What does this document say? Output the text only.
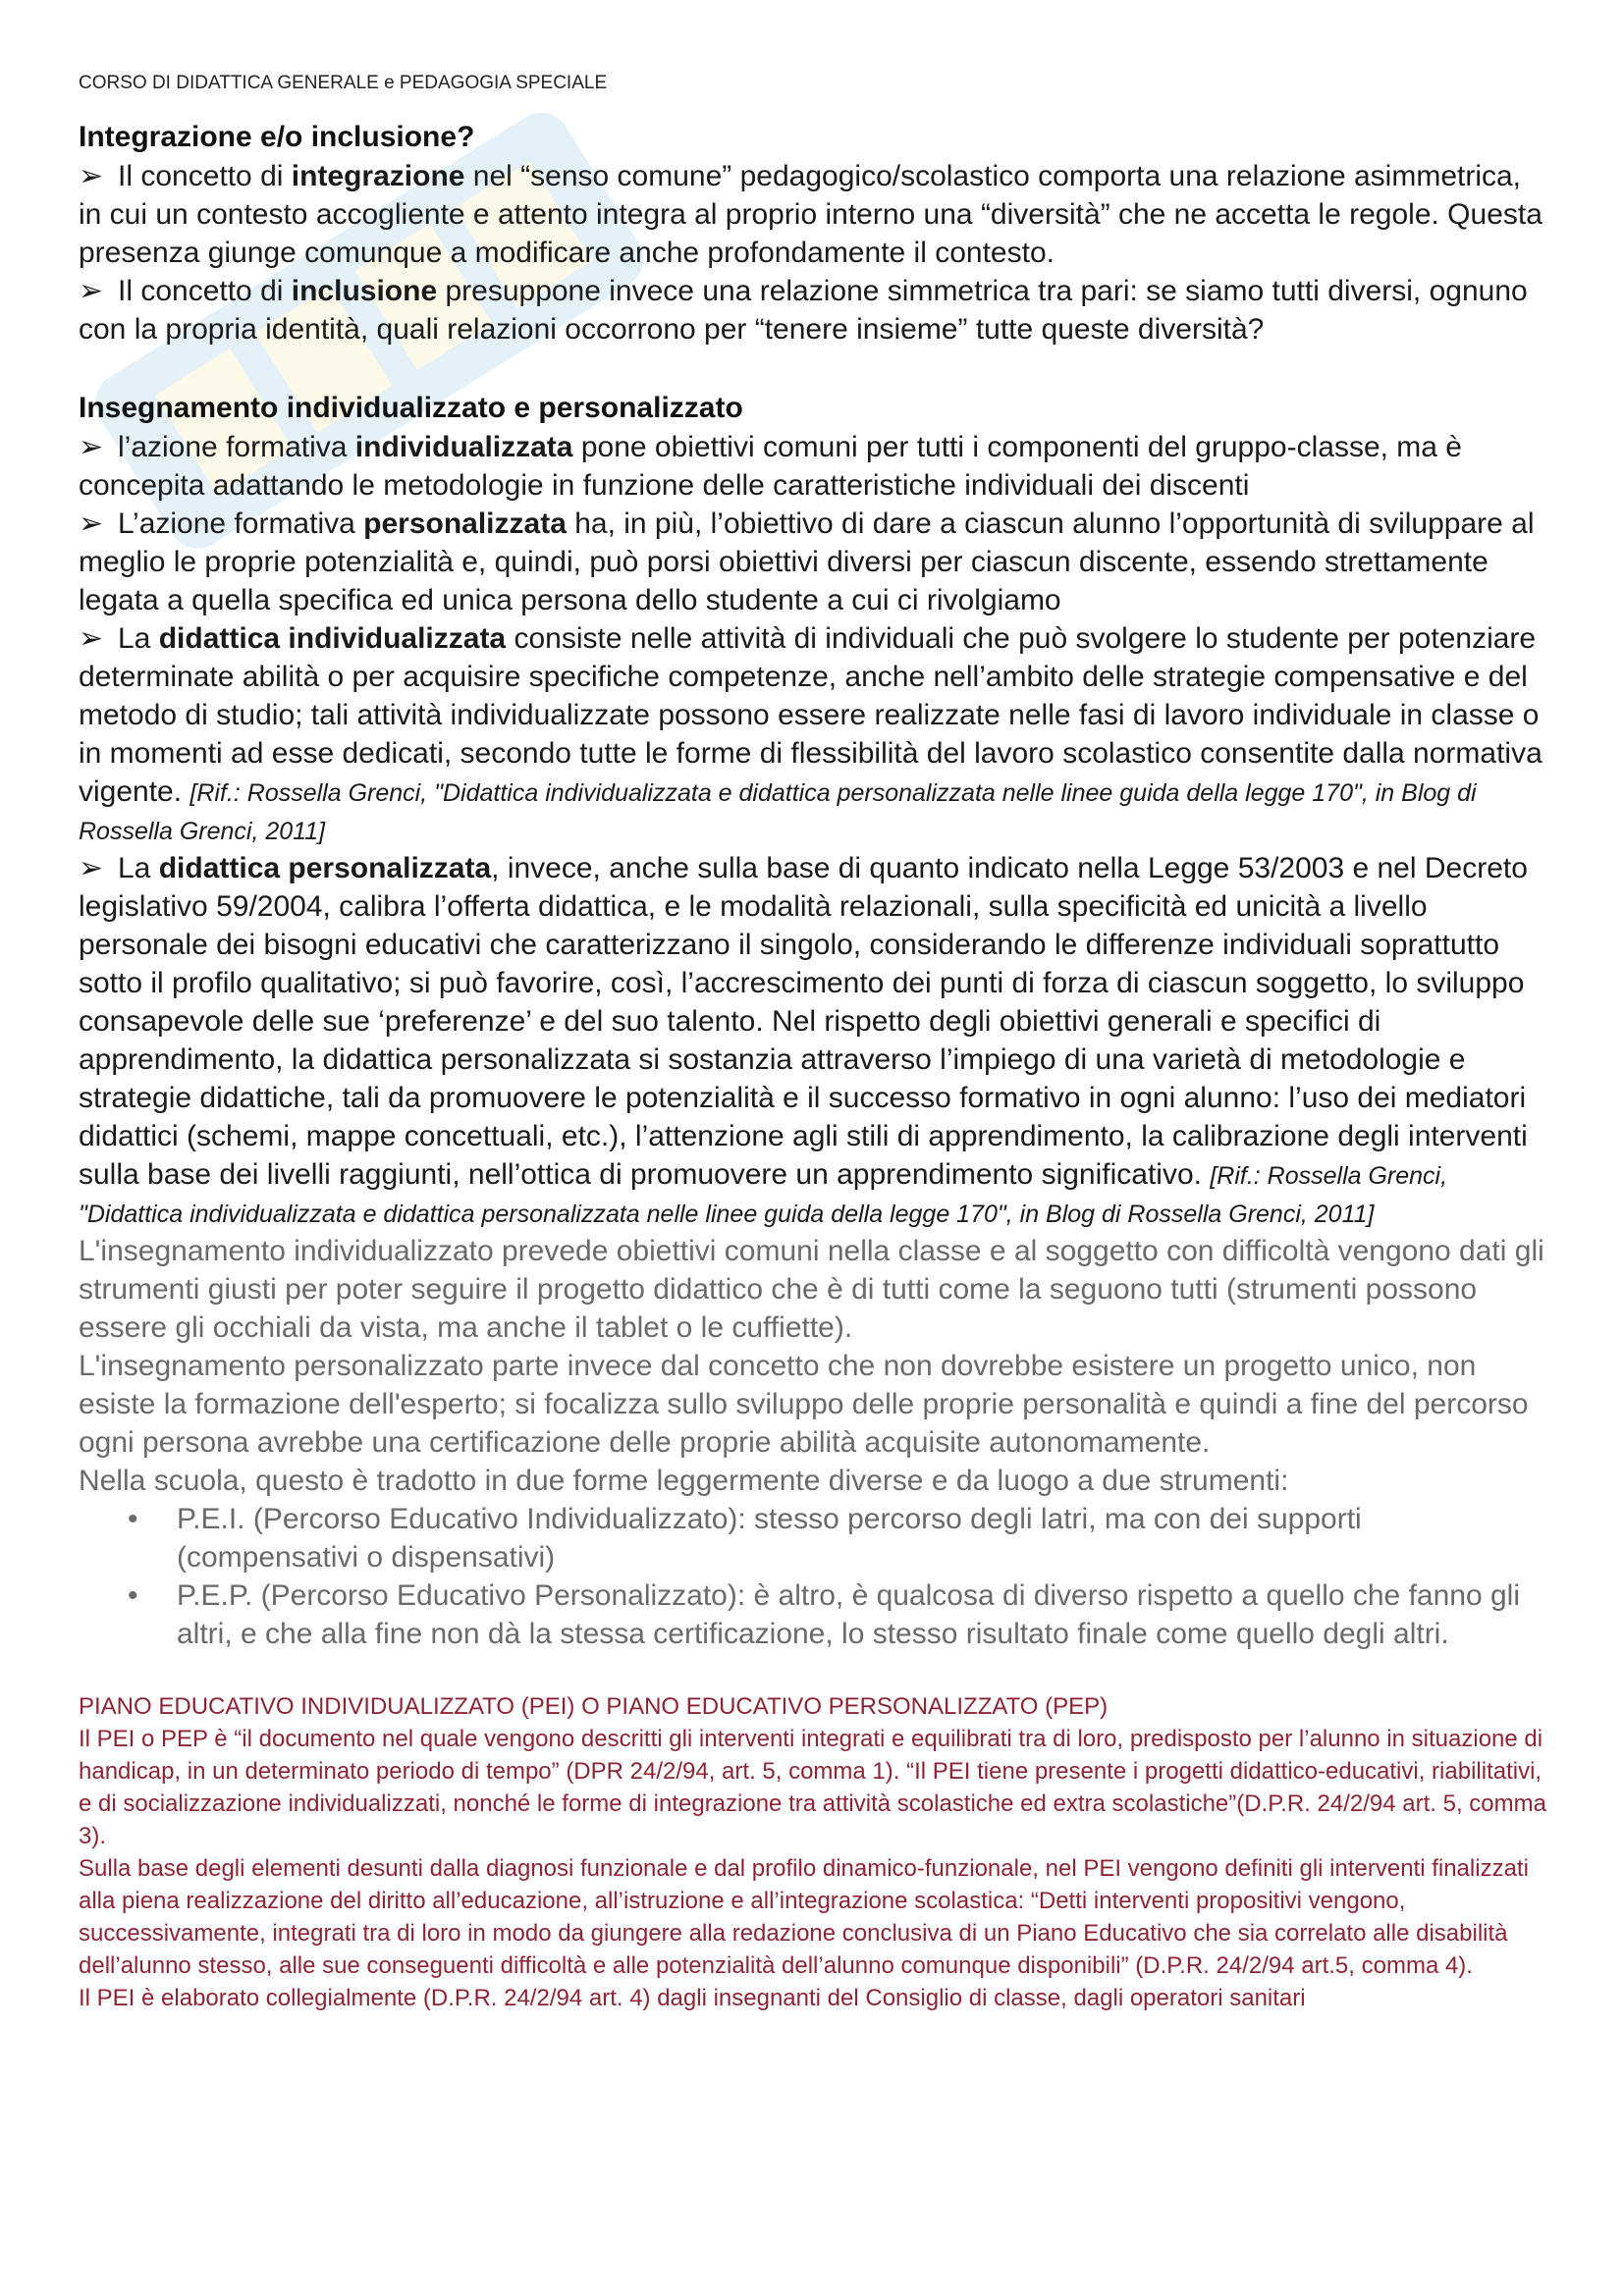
CORSO DI DIDATTICA GENERALE e PEDAGOGIA SPECIALE
Integrazione e/o inclusione?

➢ Il concetto di integrazione nel “senso comune” pedagogico/scolastico comporta una relazione asimmetrica, in cui un contesto accogliente e attento integra al proprio interno una “diversità” che ne accetta le regole. Questa presenza giunge comunque a modificare anche profondamente il contesto.

➢ Il concetto di inclusione presuppone invece una relazione simmetrica tra pari: se siamo tutti diversi, ognuno con la propria identità, quali relazioni occorrono per “tenere insieme” tutte queste diversità?

Insegnamento individualizzato e personalizzato

➢ l’azione formativa individualizzata pone obiettivi comuni per tutti i componenti del gruppo-classe, ma è concepita adattando le metodologie in funzione delle caratteristiche individuali dei discenti

➢ L’azione formativa personalizzata ha, in più, l’obiettivo di dare a ciascun alunno l’opportunità di sviluppare al meglio le proprie potenzialità e, quindi, può porsi obiettivi diversi per ciascun discente, essendo strettamente legata a quella specifica ed unica persona dello studente a cui ci rivolgiamo

➢ La didattica individualizzata consiste nelle attività di individuali che può svolgere lo studente per potenziare determinate abilità o per acquisire specifiche competenze, anche nell’ambito delle strategie compensative e del metodo di studio; tali attività individualizzate possono essere realizzate nelle fasi di lavoro individuale in classe o in momenti ad esse dedicati, secondo tutte le forme di flessibilità del lavoro scolastico consentite dalla normativa vigente. [Rif.: Rossella Grenci, "Didattica individualizzata e didattica personalizzata nelle linee guida della legge 170", in Blog di Rossella Grenci, 2011]

➢ La didattica personalizzata, invece, anche sulla base di quanto indicato nella Legge 53/2003 e nel Decreto legislativo 59/2004, calibra l’offerta didattica, e le modalità relazionali, sulla specificità ed unicità a livello personale dei bisogni educativi che caratterizzano il singolo, considerando le differenze individuali soprattutto sotto il profilo qualitativo; si può favorire, così, l’accrescimento dei punti di forza di ciascun soggetto, lo sviluppo consapevole delle sue ‘preferenze’ e del suo talento. Nel rispetto degli obiettivi generali e specifici di apprendimento, la didattica personalizzata si sostanzia attraverso l’impiego di una varietà di metodologie e strategie didattiche, tali da promuovere le potenzialità e il successo formativo in ogni alunno: l’uso dei mediatori didattici (schemi, mappe concettuali, etc.), l’attenzione agli stili di apprendimento, la calibrazione degli interventi sulla base dei livelli raggiunti, nell’ottica di promuovere un apprendimento significativo. [Rif.: Rossella Grenci, "Didattica individualizzata e didattica personalizzata nelle linee guida della legge 170", in Blog di Rossella Grenci, 2011]

L'insegnamento individualizzato prevede obiettivi comuni nella classe e al soggetto con difficoltà vengono dati gli strumenti giusti per poter seguire il progetto didattico che è di tutti come la seguono tutti (strumenti possono essere gli occhiali da vista, ma anche il tablet o le cuffiette).
L'insegnamento personalizzato parte invece dal concetto che non dovrebbe esistere un progetto unico, non esiste la formazione dell'esperto; si focalizza sullo sviluppo delle proprie personalità e quindi a fine del percorso ogni persona avrebbe una certificazione delle proprie abilità acquisite autonomamente.
Nella scuola, questo è tradotto in due forme leggermente diverse e da luogo a due strumenti:
• P.E.I. (Percorso Educativo Individualizzato): stesso percorso degli latri, ma con dei supporti (compensativi o dispensativi)
• P.E.P. (Percorso Educativo Personalizzato): è altro, è qualcosa di diverso rispetto a quello che fanno gli altri, e che alla fine non dà la stessa certificazione, lo stesso risultato finale come quello degli altri.
PIANO EDUCATIVO INDIVIDUALIZZATO (PEI) O PIANO EDUCATIVO PERSONALIZZATO (PEP)
Il PEI o PEP è “il documento nel quale vengono descritti gli interventi integrati e equilibrati tra di loro, predisposto per l’alunno in situazione di handicap, in un determinato periodo di tempo” (DPR 24/2/94, art. 5, comma 1). “Il PEI tiene presente i progetti didattico-educativi, riabilitativi, e di socializzazione individualizzati, nonché le forme di integrazione tra attività scolastiche ed extra scolastiche”(D.P.R. 24/2/94 art. 5, comma 3).
Sulla base degli elementi desunti dalla diagnosi funzionale e dal profilo dinamico-funzionale, nel PEI vengono definiti gli interventi finalizzati alla piena realizzazione del diritto all’educazione, all’istruzione e all’integrazione scolastica: “Detti interventi propositivi vengono, successivamente, integrati tra di loro in modo da giungere alla redazione conclusiva di un Piano Educativo che sia correlato alle disabilità dell’alunno stesso, alle sue conseguenti difficoltà e alle potenzialità dell’alunno comunque disponibili” (D.P.R. 24/2/94 art.5, comma 4).
Il PEI è elaborato collegialmente (D.P.R. 24/2/94 art. 4) dagli insegnanti del Consiglio di classe, dagli operatori sanitari
